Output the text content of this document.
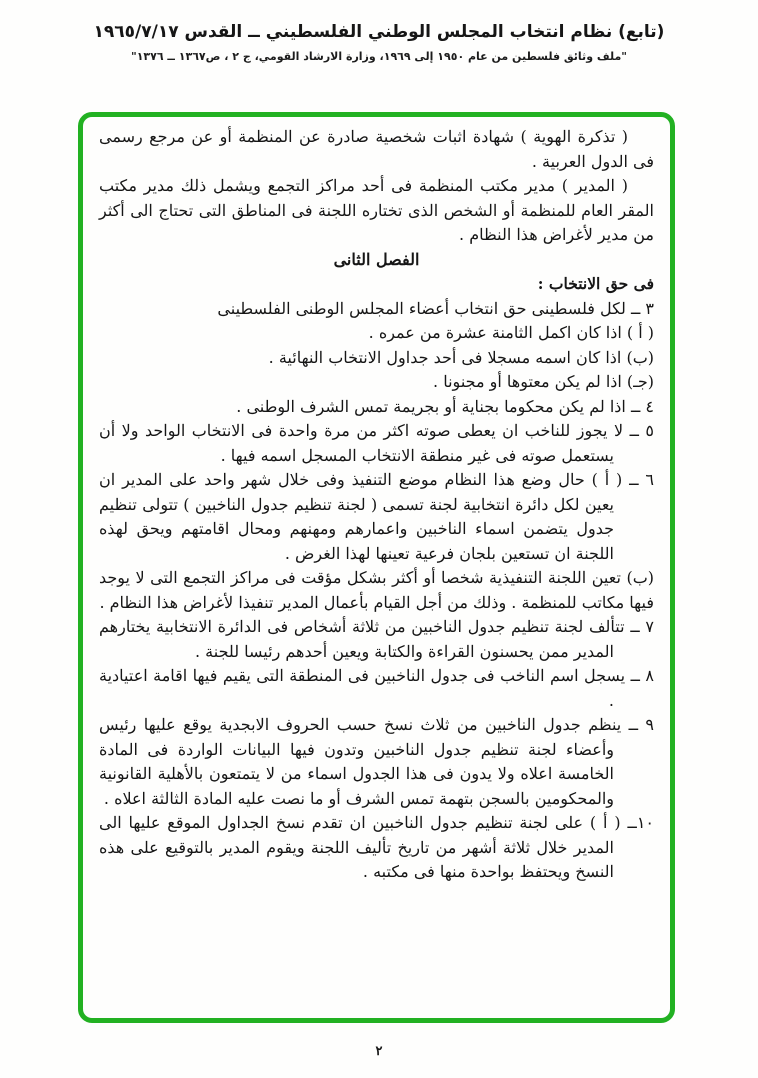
(تابع) نظام انتخاب المجلس الوطني الفلسطيني ــ القدس ١٩٦٥/٧/١٧
"ملف وثائق فلسطين من عام ١٩٥٠ إلى ١٩٦٩، وزارة الارشاد القومي، ج ٢ ، ص١٣٦٧ ــ ١٣٧٦"

( تذكرة الهوية ) شهادة اثبات شخصية صادرة عن المنظمة أو عن مرجع رسمى فى الدول العربية .

( المدير ) مدير مكتب المنظمة فى أحد مراكز التجمع ويشمل ذلك مدير مكتب المقر العام للمنظمة أو الشخص الذى تختاره اللجنة فى المناطق التى تحتاج الى أكثر من مدير لأغراض هذا النظام .

الفصل الثانى
فى حق الانتخاب :

٣ ــ لكل فلسطينى حق انتخاب أعضاء المجلس الوطنى الفلسطينى

( أ ) اذا كان اكمل الثامنة عشرة من عمره .

(ب) اذا كان اسمه مسجلا فى أحد جداول الانتخاب النهائية .

(جـ) اذا لم يكن معتوها أو مجنونا .

٤ ــ اذا لم يكن محكوما بجناية أو بجريمة تمس الشرف الوطنى .

٥ ــ لا يجوز للناخب ان يعطى صوته اكثر من مرة واحدة فى الانتخاب الواحد ولا أن يستعمل صوته فى غير منطقة الانتخاب المسجل اسمه فيها .

٦ ــ ( أ ) حال وضع هذا النظام موضع التنفيذ وفى خلال شهر واحد على المدير ان يعين لكل دائرة انتخابية لجنة تسمى ( لجنة تنظيم جدول الناخبين ) تتولى تنظيم جدول يتضمن اسماء الناخبين واعمارهم ومهنهم ومحال اقامتهم ويحق لهذه اللجنة ان تستعين بلجان فرعية تعينها لهذا الغرض .

(ب) تعين اللجنة التنفيذية شخصا أو أكثر بشكل مؤقت فى مراكز التجمع التى لا يوجد فيها مكاتب للمنظمة . وذلك من أجل القيام بأعمال المدير تنفيذا لأغراض هذا النظام .

٧ ــ تتألف لجنة تنظيم جدول الناخبين من ثلاثة أشخاص فى الدائرة الانتخابية يختارهم المدير ممن يحسنون القراءة والكتابة ويعين أحدهم رئيسا للجنة .

٨ ــ يسجل اسم الناخب فى جدول الناخبين فى المنطقة التى يقيم فيها اقامة اعتيادية .

٩ ــ ينظم جدول الناخبين من ثلاث نسخ حسب الحروف الابجدية يوقع عليها رئيس وأعضاء لجنة تنظيم جدول الناخبين وتدون فيها البيانات الواردة فى المادة الخامسة اعلاه ولا يدون فى هذا الجدول اسماء من لا يتمتعون بالأهلية القانونية والمحكومين بالسجن بتهمة تمس الشرف أو ما نصت عليه المادة الثالثة اعلاه .

١٠ــ ( أ ) على لجنة تنظيم جدول الناخبين ان تقدم نسخ الجداول الموقع عليها الى المدير خلال ثلاثة أشهر من تاريخ تأليف اللجنة ويقوم المدير بالتوقيع على هذه النسخ ويحتفظ بواحدة منها فى مكتبه .

٢
